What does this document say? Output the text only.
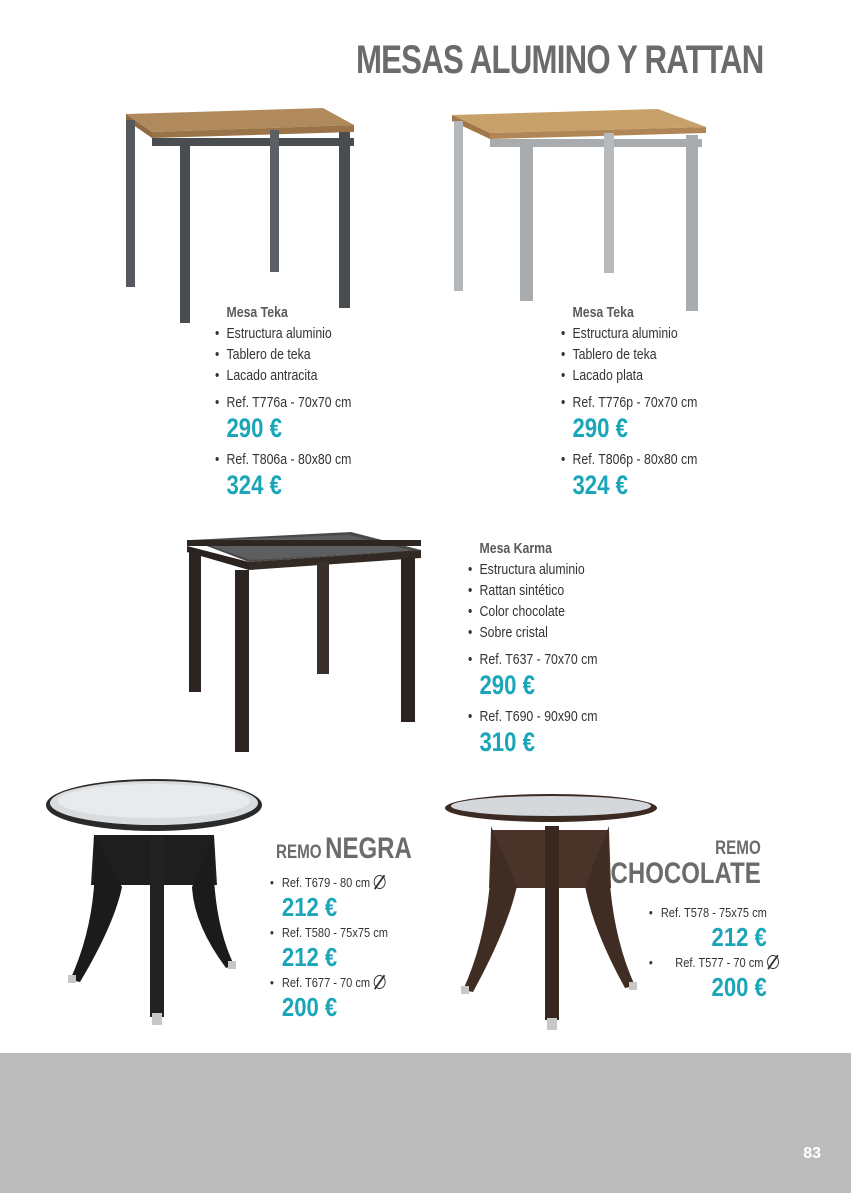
MESAS ALUMINO Y RATTAN
Mesa Teka
• Estructura aluminio
• Tablero de teka
• Lacado antracita
• Ref. T776a - 70x70 cm
290 €
• Ref. T806a - 80x80 cm
324 €
Mesa Teka
• Estructura aluminio
• Tablero de teka
• Lacado plata
• Ref. T776p - 70x70 cm
290 €
• Ref. T806p - 80x80 cm
324 €
Mesa Karma
• Estructura aluminio
• Rattan sintético
• Color chocolate
• Sobre cristal
• Ref. T637 - 70x70 cm
290 €
• Ref. T690 - 90x90 cm
310 €
REMO NEGRA
• Ref. T679 - 80 cm
212 €
• Ref. T580 - 75x75 cm
212 €
• Ref. T677 - 70 cm
200 €
REMO
CHOCOLATE
• Ref. T578 - 75x75 cm
212 €
• Ref. T577 - 70 cm
200 €
83
